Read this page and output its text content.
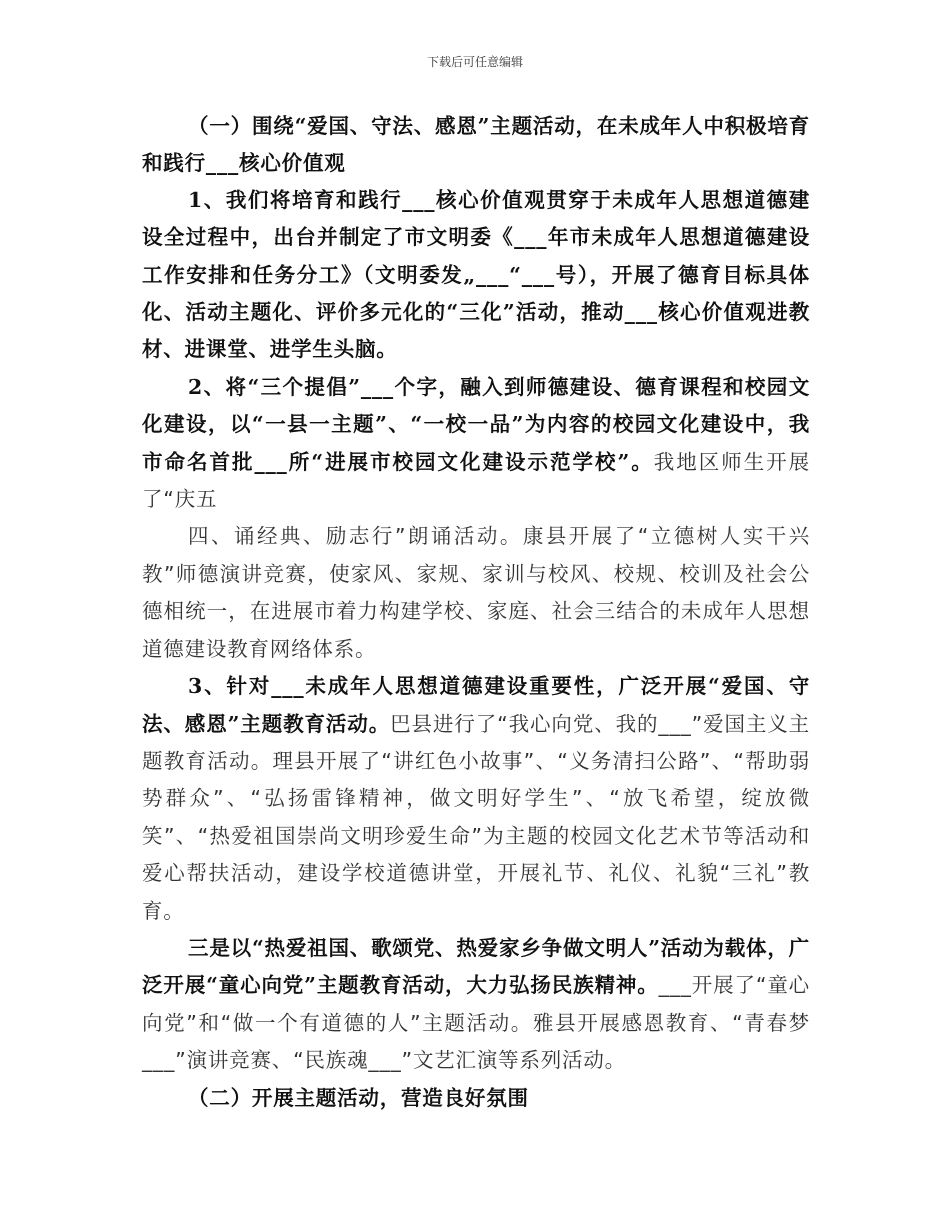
下载后可任意编辑

（一）围绕“爱国、守法、感恩”主题活动，在未成年人中积极培育和践行___核心价值观

1、我们将培育和践行___核心价值观贯穿于未成年人思想道德建设全过程中，出台并制定了市文明委《___年市未成年人思想道德建设工作安排和任务分工》（文明委发„___“___号），开展了德育目标具体化、活动主题化、评价多元化的“三化”活动，推动___核心价值观进教材、进课堂、进学生头脑。

2、将“三个提倡”___个字，融入到师德建设、德育课程和校园文化建设，以“一县一主题”、“一校一品”为内容的校园文化建设中，我市命名首批___所“进展市校园文化建设示范学校”。我地区师生开展了“庆五

四、诵经典、励志行”朗诵活动。康县开展了“立德树人实干兴教”师德演讲竞赛，使家风、家规、家训与校风、校规、校训及社会公德相统一，在进展市着力构建学校、家庭、社会三结合的未成年人思想道德建设教育网络体系。

3、针对___未成年人思想道德建设重要性，广泛开展“爱国、守法、感恩”主题教育活动。巴县进行了“我心向党、我的___”爱国主义主题教育活动。理县开展了“讲红色小故事”、“义务清扫公路”、“帮助弱势群众”、“弘扬雷锋精神，做文明好学生”、“放飞希望，绽放微笑”、“热爱祖国崇尚文明珍爱生命”为主题的校园文化艺术节等活动和爱心帮扶活动，建设学校道德讲堂，开展礼节、礼仪、礼貌“三礼”教育。

三是以“热爱祖国、歌颂党、热爱家乡争做文明人”活动为载体，广泛开展“童心向党”主题教育活动，大力弘扬民族精神。___开展了“童心向党”和“做一个有道德的人”主题活动。雅县开展感恩教育、“青春梦___”演讲竞赛、“民族魂___”文艺汇演等系列活动。

（二）开展主题活动，营造良好氛围
